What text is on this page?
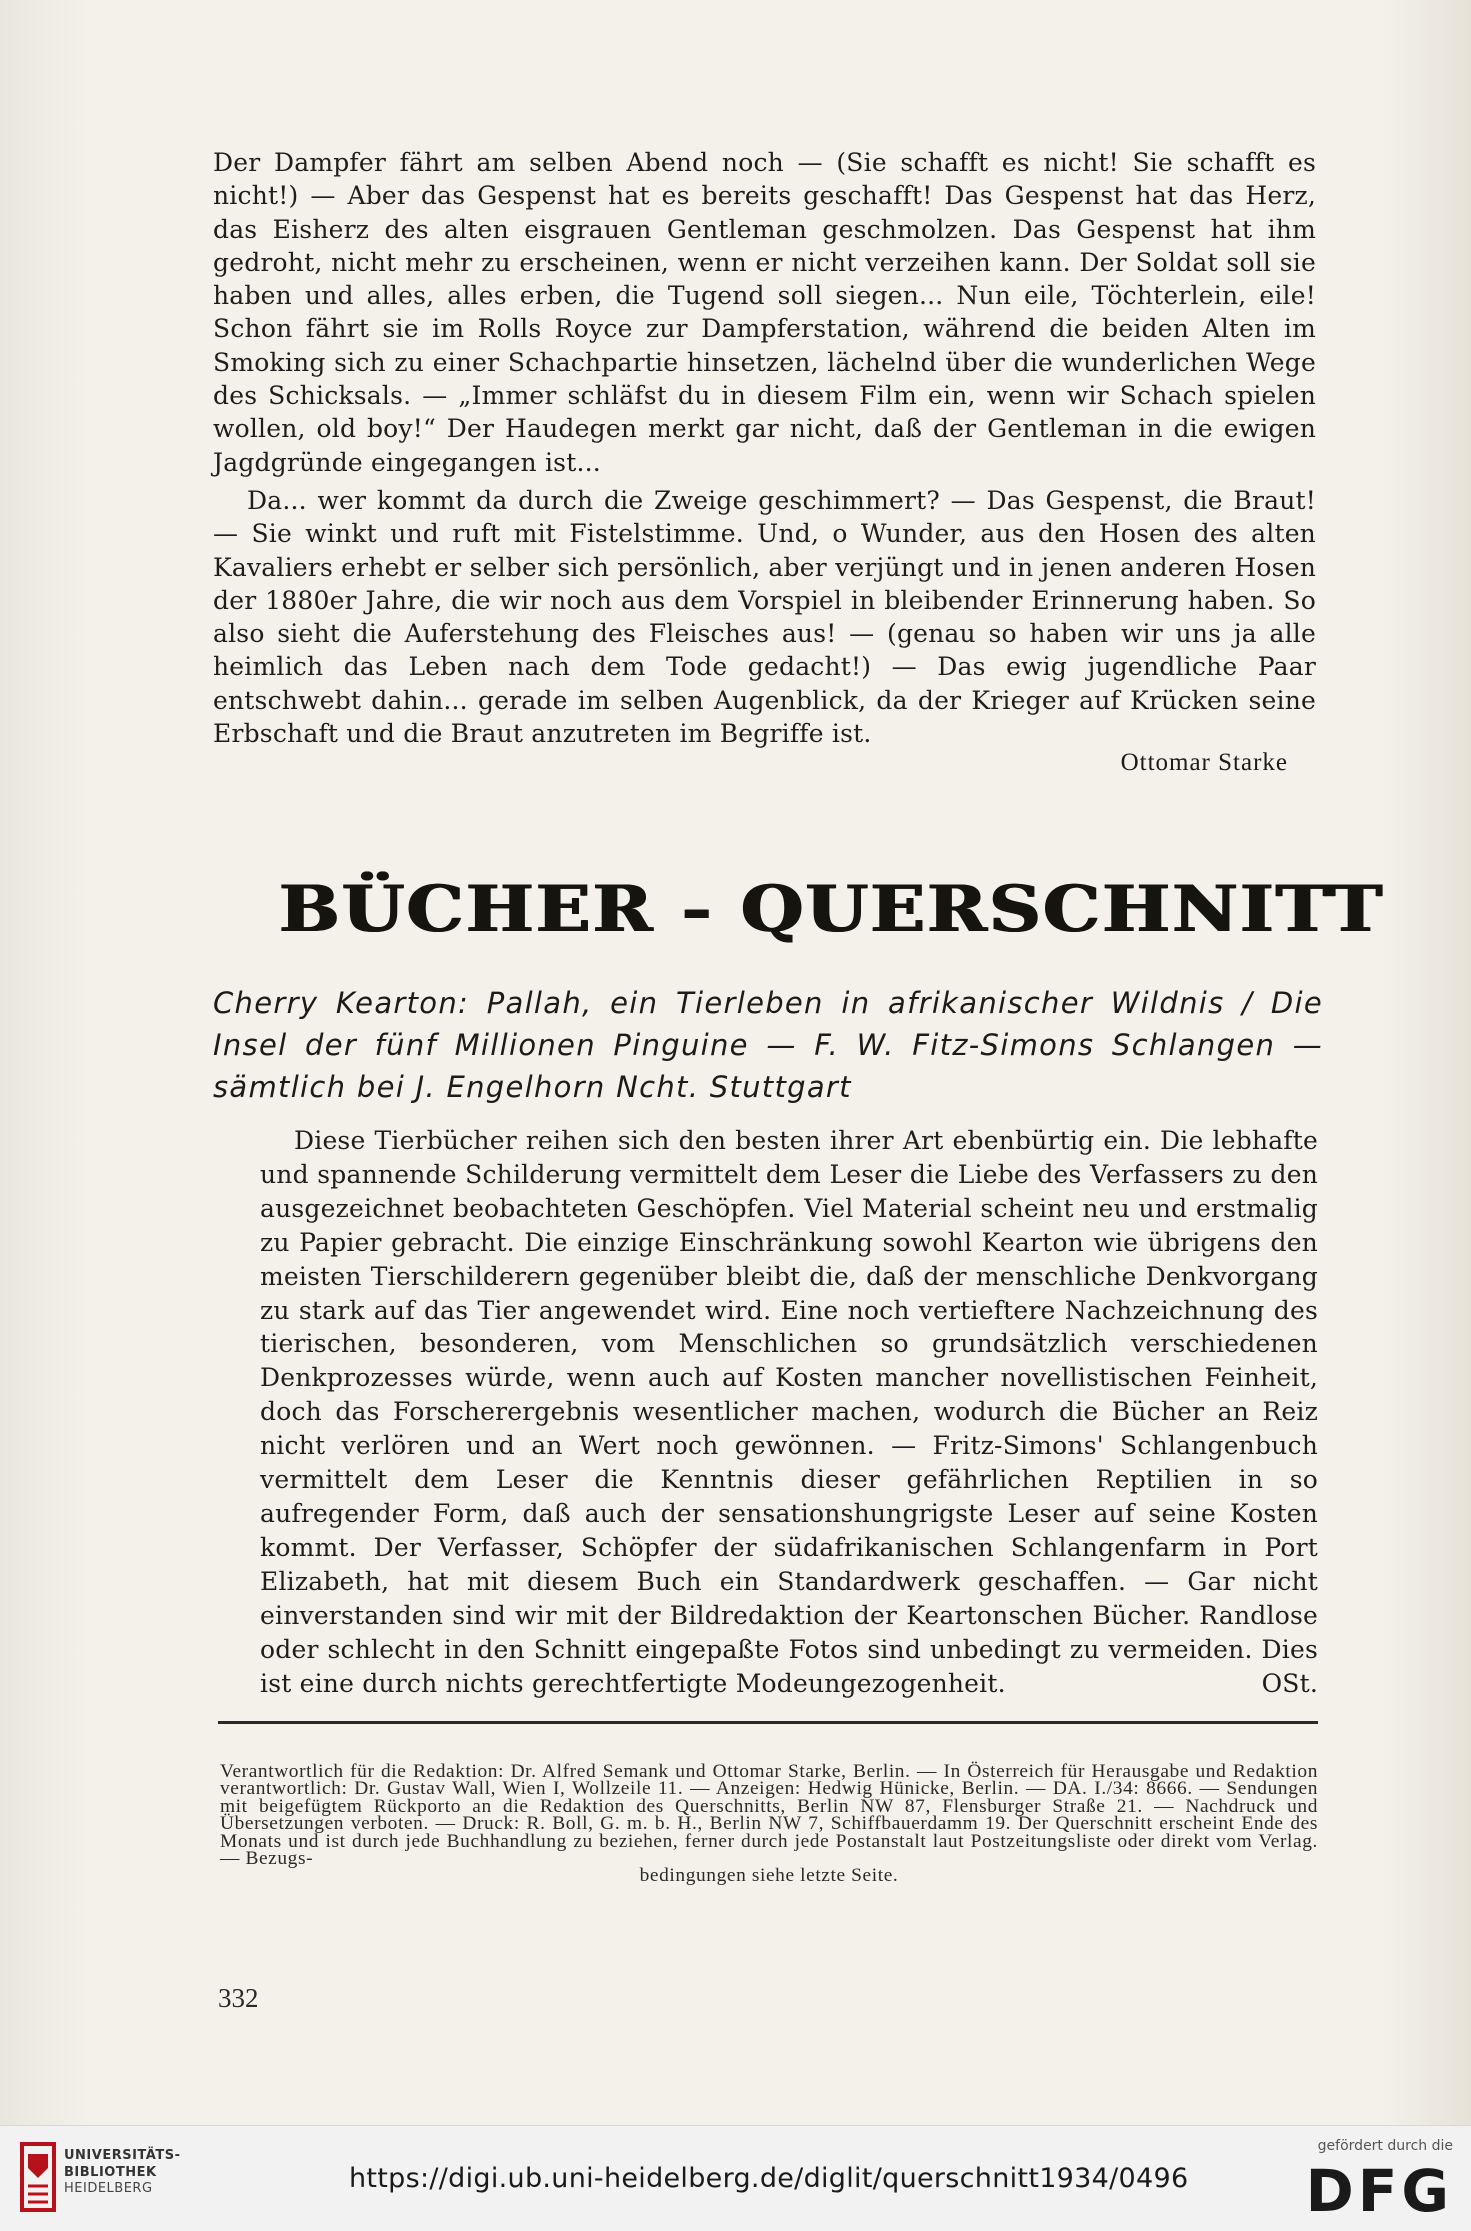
Der Dampfer fährt am selben Abend noch — (Sie schafft es nicht! Sie schafft es nicht!) — Aber das Gespenst hat es bereits geschafft! Das Gespenst hat das Herz, das Eisherz des alten eisgrauen Gentleman geschmolzen. Das Gespenst hat ihm gedroht, nicht mehr zu erscheinen, wenn er nicht verzeihen kann. Der Soldat soll sie haben und alles, alles erben, die Tugend soll siegen... Nun eile, Töchterlein, eile! Schon fährt sie im Rolls Royce zur Dampferstation, während die beiden Alten im Smoking sich zu einer Schachpartie hinsetzen, lächelnd über die wunderlichen Wege des Schicksals. — „Immer schläfst du in diesem Film ein, wenn wir Schach spielen wollen, old boy!“ Der Haudegen merkt gar nicht, daß der Gentleman in die ewigen Jagdgründe eingegangen ist...

Da... wer kommt da durch die Zweige geschimmert? — Das Gespenst, die Braut! — Sie winkt und ruft mit Fistelstimme. Und, o Wunder, aus den Hosen des alten Kavaliers erhebt er selber sich persönlich, aber verjüngt und in jenen anderen Hosen der 1880er Jahre, die wir noch aus dem Vorspiel in bleibender Erinnerung haben. So also sieht die Auferstehung des Fleisches aus! — (genau so haben wir uns ja alle heimlich das Leben nach dem Tode gedacht!) — Das ewig jugendliche Paar entschwebt dahin... gerade im selben Augenblick, da der Krieger auf Krücken seine Erbschaft und die Braut anzutreten im Begriffe ist.

Ottomar Starke
BÜCHER - QUERSCHNITT
Cherry Kearton: Pallah, ein Tierleben in afrikanischer Wildnis / Die Insel der fünf Millionen Pinguine — F. W. Fitz-Simons Schlangen — sämtlich bei J. Engelhorn Ncht. Stuttgart

Diese Tierbücher reihen sich den besten ihrer Art ebenbürtig ein. Die lebhafte und spannende Schilderung vermittelt dem Leser die Liebe des Verfassers zu den ausgezeichnet beobachteten Geschöpfen. Viel Material scheint neu und erstmalig zu Papier gebracht. Die einzige Einschränkung sowohl Kearton wie übrigens den meisten Tierschilderern gegenüber bleibt die, daß der menschliche Denkvorgang zu stark auf das Tier angewendet wird. Eine noch vertieftere Nachzeichnung des tierischen, besonderen, vom Menschlichen so grundsätzlich verschiedenen Denkprozesses würde, wenn auch auf Kosten mancher novellistischen Feinheit, doch das Forscherergebnis wesentlicher machen, wodurch die Bücher an Reiz nicht verlören und an Wert noch gewönnen. — Fritz-Simons' Schlangenbuch vermittelt dem Leser die Kenntnis dieser gefährlichen Reptilien in so aufregender Form, daß auch der sensationshungrigste Leser auf seine Kosten kommt. Der Verfasser, Schöpfer der südafrikanischen Schlangenfarm in Port Elizabeth, hat mit diesem Buch ein Standardwerk geschaffen. — Gar nicht einverstanden sind wir mit der Bildredaktion der Keartonschen Bücher. Randlose oder schlecht in den Schnitt eingepaßte Fotos sind unbedingt zu vermeiden. Dies ist eine durch nichts gerechtfertigte Modeungezogenheit.	OSt.

Verantwortlich für die Redaktion: Dr. Alfred Semank und Ottomar Starke, Berlin. — In Österreich für Herausgabe und Redaktion verantwortlich: Dr. Gustav Wall, Wien I, Wollzeile 11. — Anzeigen: Hedwig Hünicke, Berlin. — DA. I./34: 8666. — Sendungen mit beigefügtem Rückporto an die Redaktion des Querschnitts, Berlin NW 87, Flensburger Straße 21. — Nachdruck und Übersetzungen verboten. — Druck: R. Boll, G. m. b. H., Berlin NW 7, Schiffbauerdamm 19. Der Querschnitt erscheint Ende des Monats und ist durch jede Buchhandlung zu beziehen, ferner durch jede Postanstalt laut Postzeitungsliste oder direkt vom Verlag. — Bezugs-
bedingungen siehe letzte Seite.
332
UNIVERSITÄTS-
BIBLIOTHEK
HEIDELBERG	https://digi.ub.uni-heidelberg.de/diglit/querschnitt1934/0496
gefördert durch die
DFG
